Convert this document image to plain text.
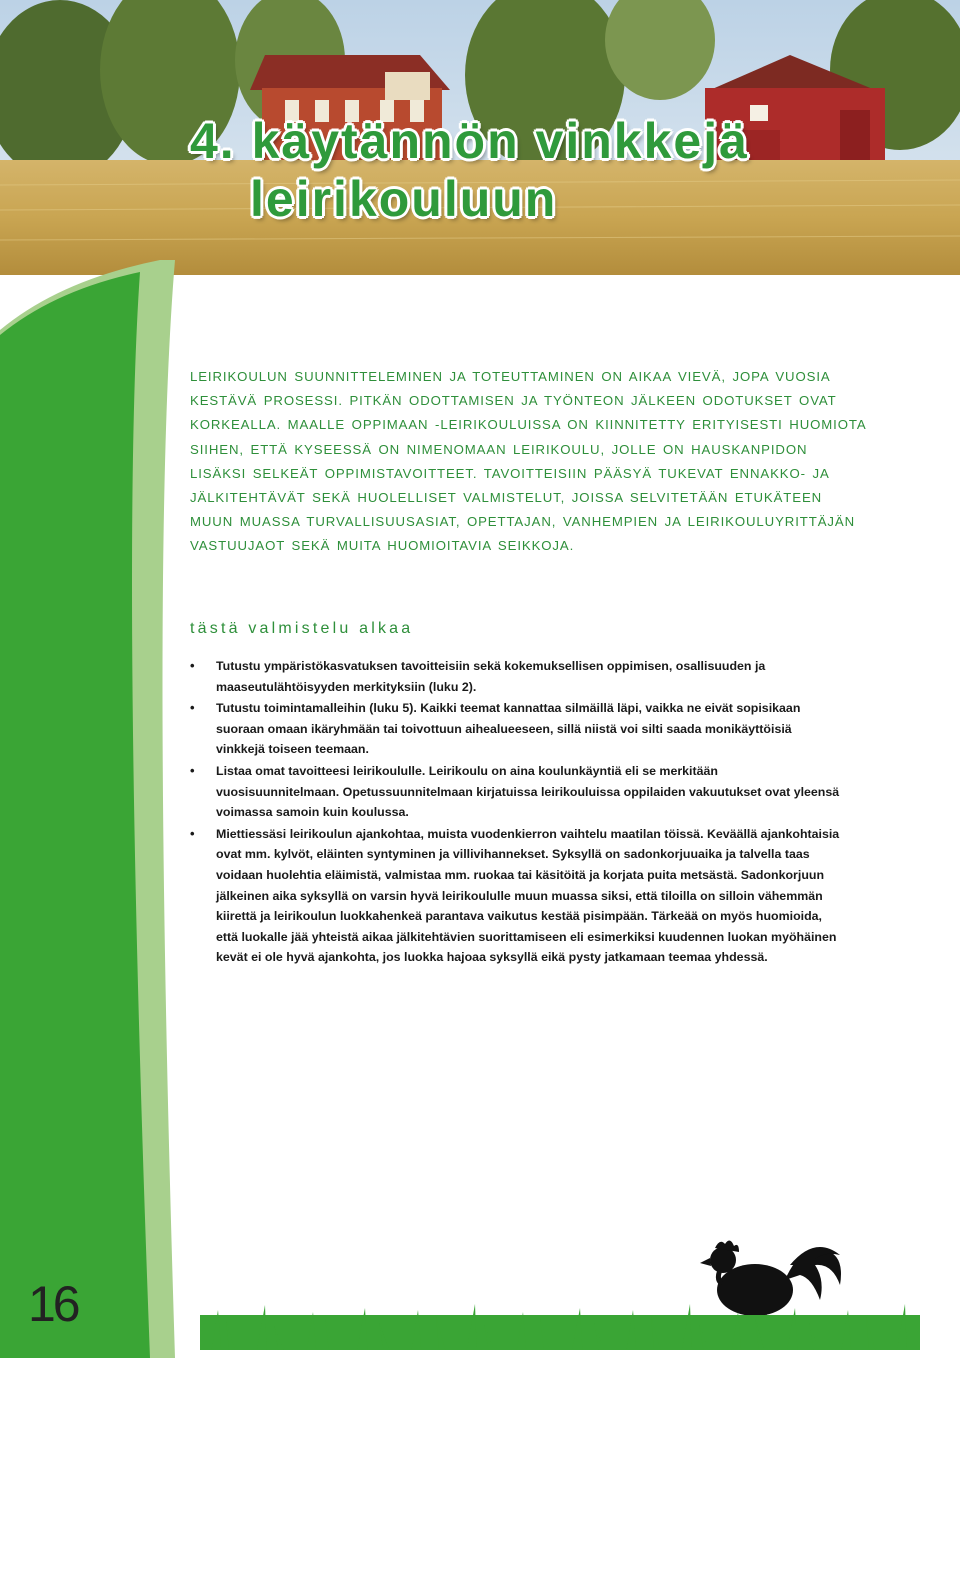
4. käytännön vinkkejä
leirikouluun

16

LEIRIKOULUN SUUNNITTELEMINEN JA TOTEUTTAMINEN ON AIKAA VIEVÄ, JOPA VUOSIA KESTÄVÄ PROSESSI. PITKÄN ODOTTAMISEN JA TYÖNTEON JÄLKEEN ODOTUKSET OVAT KORKEALLA. MAALLE OPPIMAAN -LEIRIKOULUISSA ON KIINNITETTY ERITYISESTI HUOMIOTA SIIHEN, ETTÄ KYSEESSÄ ON NIMENOMAAN LEIRIKOULU, JOLLE ON HAUSKANPIDON LISÄKSI SELKEÄT OPPIMISTAVOITTEET. TAVOITTEISIIN PÄÄSYÄ TUKEVAT ENNAKKO- JA JÄLKITEHTÄVÄT SEKÄ HUOLELLISET VALMISTELUT, JOISSA SELVITETÄÄN ETUKÄTEEN MUUN MUASSA TURVALLISUUSASIAT, OPETTAJAN, VANHEMPIEN JA LEIRIKOULUYRITTÄJÄN VASTUUJAOT SEKÄ MUITA HUOMIOITAVIA SEIKKOJA.

tästä valmistelu alkaa
• Tutustu ympäristökasvatuksen tavoitteisiin sekä kokemuksellisen oppimisen, osallisuuden ja maaseutulähtöisyyden merkityksiin (luku 2).
• Tutustu toimintamalleihin (luku 5). Kaikki teemat kannattaa silmäillä läpi, vaikka ne eivät sopisikaan suoraan omaan ikäryhmään tai toivottuun aihealueeseen, sillä niistä voi silti saada monikäyttöisiä vinkkejä toiseen teemaan.
• Listaa omat tavoitteesi leirikoululle. Leirikoulu on aina koulunkäyntiä eli se merkitään vuosisuunnitelmaan. Opetussuunnitelmaan kirjatuissa leirikouluissa oppilaiden vakuutukset ovat yleensä voimassa samoin kuin koulussa.
• Miettiessäsi leirikoulun ajankohtaa, muista vuodenkierron vaihtelu maatilan töissä. Keväällä ajankohtaisia ovat mm. kylvöt, eläinten syntyminen ja villivihannekset. Syksyllä on sadonkorjuuaika ja talvella taas voidaan huolehtia eläimistä, valmistaa mm. ruokaa tai käsitöitä ja korjata puita metsästä. Sadonkorjuun jälkeinen aika syksyllä on varsin hyvä leirikoululle muun muassa siksi, että tiloilla on silloin vähemmän kiirettä ja leirikoulun luokkahenkeä parantava vaikutus kestää pisimpään. Tärkeää on myös huomioida, että luokalle jää yhteistä aikaa jälkitehtävien suorittamiseen eli esimerkiksi kuudennen luokan myöhäinen kevät ei ole hyvä ajankohta, jos luokka hajoaa syksyllä eikä pysty jatkamaan teemaa yhdessä.
